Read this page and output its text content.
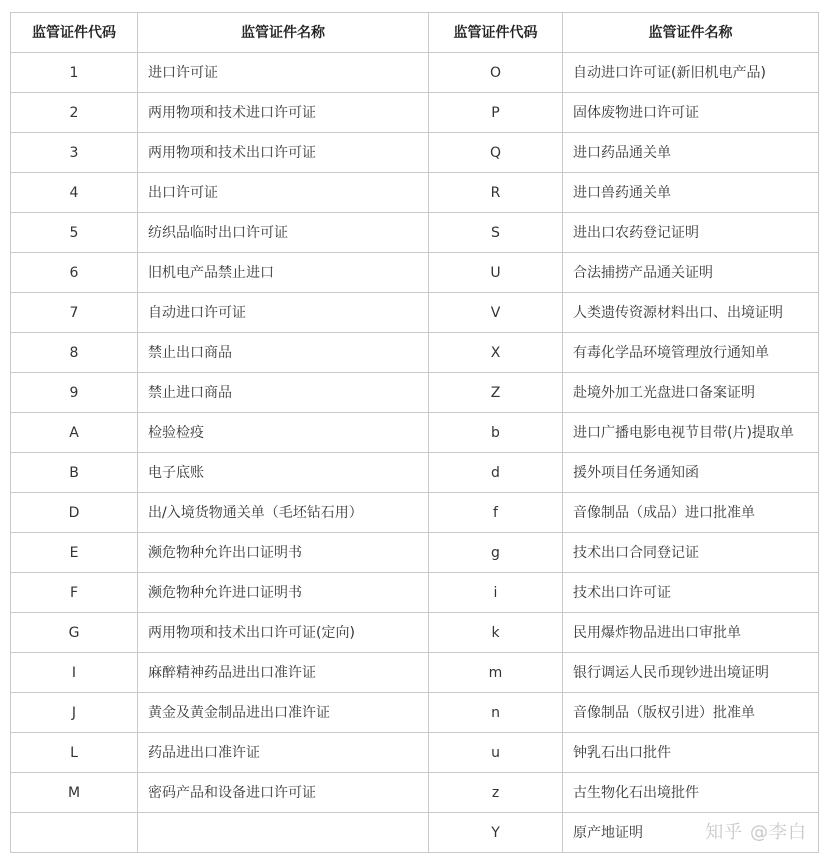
监管证件代码	监管证件名称	监管证件代码	监管证件名称
1	进口许可证	O	自动进口许可证(新旧机电产品)
2	两用物项和技术进口许可证	P	固体废物进口许可证
3	两用物项和技术出口许可证	Q	进口药品通关单
4	出口许可证	R	进口兽药通关单
5	纺织品临时出口许可证	S	进出口农药登记证明
6	旧机电产品禁止进口	U	合法捕捞产品通关证明
7	自动进口许可证	V	人类遗传资源材料出口、出境证明
8	禁止出口商品	X	有毒化学品环境管理放行通知单
9	禁止进口商品	Z	赴境外加工光盘进口备案证明
A	检验检疫	b	进口广播电影电视节目带(片)提取单
B	电子底账	d	援外项目任务通知函
D	出/入境货物通关单（毛坯钻石用）	f	音像制品（成品）进口批准单
E	濒危物种允许出口证明书	g	技术出口合同登记证
F	濒危物种允许进口证明书	i	技术出口许可证
G	两用物项和技术出口许可证(定向)	k	民用爆炸物品进出口审批单
I	麻醉精神药品进出口准许证	m	银行调运人民币现钞进出境证明
J	黄金及黄金制品进出口准许证	n	音像制品（版权引进）批准单
L	药品进出口准许证	u	钟乳石出口批件
M	密码产品和设备进口许可证	z	古生物化石出境批件
		Y	原产地证明	知乎 @李白
